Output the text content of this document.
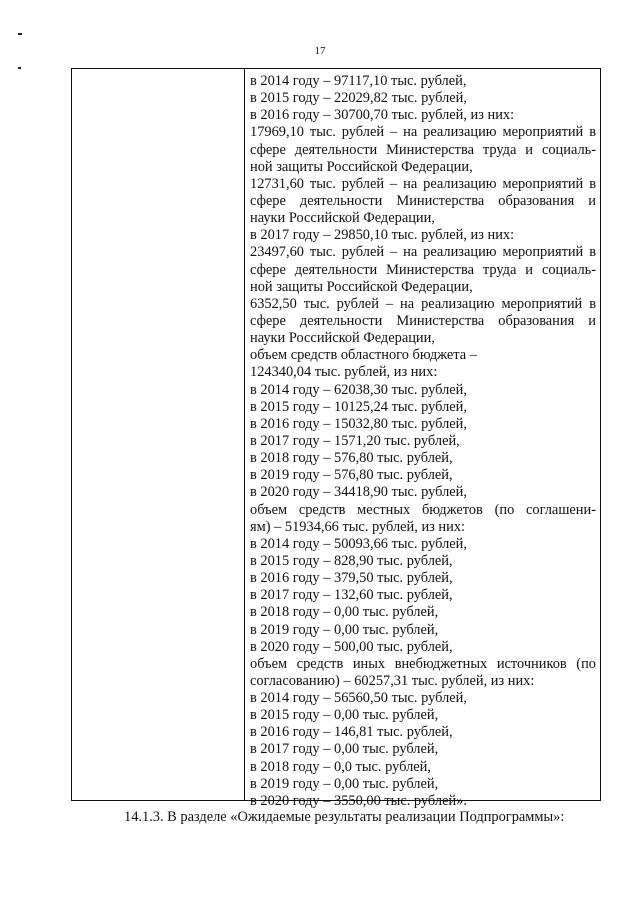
17
в 2014 году – 97117,10 тыс. рублей,
в 2015 году – 22029,82 тыс. рублей,
в 2016 году – 30700,70 тыс. рублей, из них:
17969,10 тыс. рублей – на реализацию мероприятий в
сфере деятельности Министерства труда и социаль-
ной защиты Российской Федерации,
12731,60 тыс. рублей – на реализацию мероприятий в
сфере деятельности Министерства образования и
науки Российской Федерации,
в 2017 году – 29850,10 тыс. рублей, из них:
23497,60 тыс. рублей – на реализацию мероприятий в
сфере деятельности Министерства труда и социаль-
ной защиты Российской Федерации,
6352,50 тыс. рублей – на реализацию мероприятий в
сфере деятельности Министерства образования и
науки Российской Федерации,
объем средств областного бюджета –
124340,04 тыс. рублей, из них:
в 2014 году – 62038,30 тыс. рублей,
в 2015 году – 10125,24 тыс. рублей,
в 2016 году – 15032,80 тыс. рублей,
в 2017 году – 1571,20 тыс. рублей,
в 2018 году – 576,80 тыс. рублей,
в 2019 году – 576,80 тыс. рублей,
в 2020 году – 34418,90 тыс. рублей,
объем средств местных бюджетов (по соглашени-
ям) – 51934,66 тыс. рублей, из них:
в 2014 году – 50093,66 тыс. рублей,
в 2015 году – 828,90 тыс. рублей,
в 2016 году – 379,50 тыс. рублей,
в 2017 году – 132,60 тыс. рублей,
в 2018 году – 0,00 тыс. рублей,
в 2019 году – 0,00 тыс. рублей,
в 2020 году – 500,00 тыс. рублей,
объем средств иных внебюджетных источников (по
согласованию) – 60257,31 тыс. рублей, из них:
в 2014 году – 56560,50 тыс. рублей,
в 2015 году – 0,00 тыс. рублей,
в 2016 году – 146,81 тыс. рублей,
в 2017 году – 0,00 тыс. рублей,
в 2018 году – 0,0 тыс. рублей,
в 2019 году – 0,00 тыс. рублей,
в 2020 году – 3550,00 тыс. рублей».
14.1.3. В разделе «Ожидаемые результаты реализации Подпрограммы»:
